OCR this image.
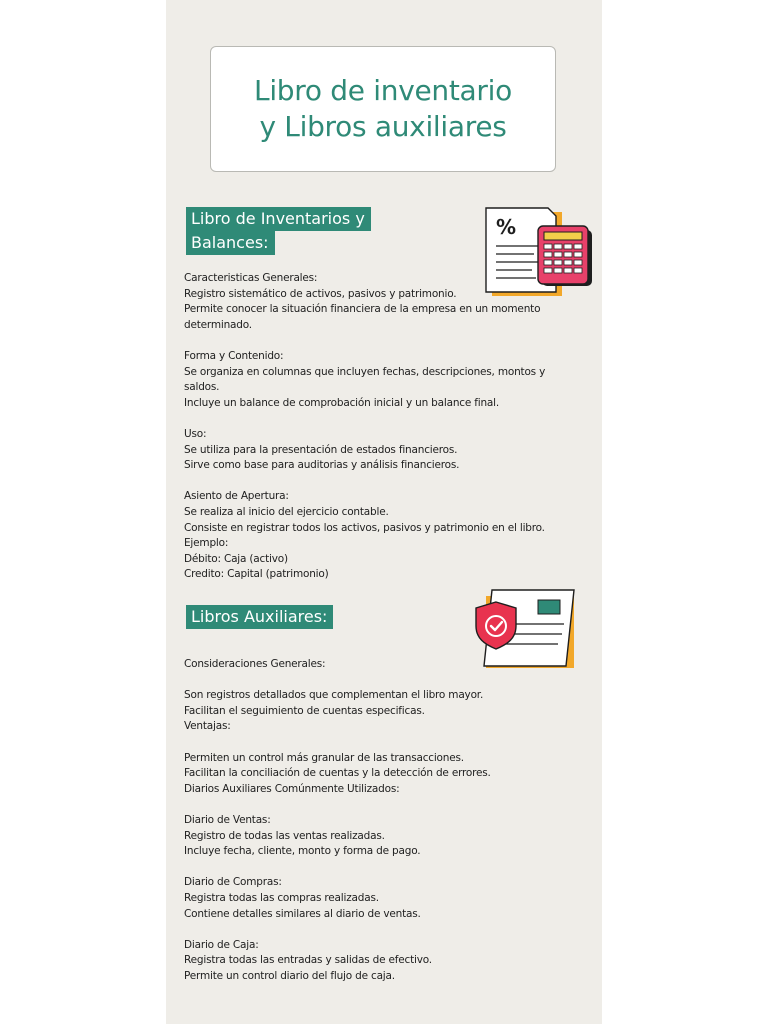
Libro de inventario
y Libros auxiliares
Libro de Inventarios y
Balances:
%
Caracteristicas Generales:
Registro sistemático de activos, pasivos y patrimonio.
Permite conocer la situación financiera de la empresa en un momento
determinado.
Forma y Contenido:
Se organiza en columnas que incluyen fechas, descripciones, montos y
saldos.
Incluye un balance de comprobación inicial y un balance final.
Uso:
Se utiliza para la presentación de estados financieros.
Sirve como base para auditorias y análisis financieros.
Asiento de Apertura:
Se realiza al inicio del ejercicio contable.
Consiste en registrar todos los activos, pasivos y patrimonio en el libro.
Ejemplo:
Débito: Caja (activo)
Credito: Capital (patrimonio)
Libros Auxiliares:
Consideraciones Generales:
Son registros detallados que complementan el libro mayor.
Facilitan el seguimiento de cuentas especificas.
Ventajas:
Permiten un control más granular de las transacciones.
Facilitan la conciliación de cuentas y la detección de errores.
Diarios Auxiliares Comúnmente Utilizados:
Diario de Ventas:
Registro de todas las ventas realizadas.
Incluye fecha, cliente, monto y forma de pago.
Diario de Compras:
Registra todas las compras realizadas.
Contiene detalles similares al diario de ventas.
Diario de Caja:
Registra todas las entradas y salidas de efectivo.
Permite un control diario del flujo de caja.
